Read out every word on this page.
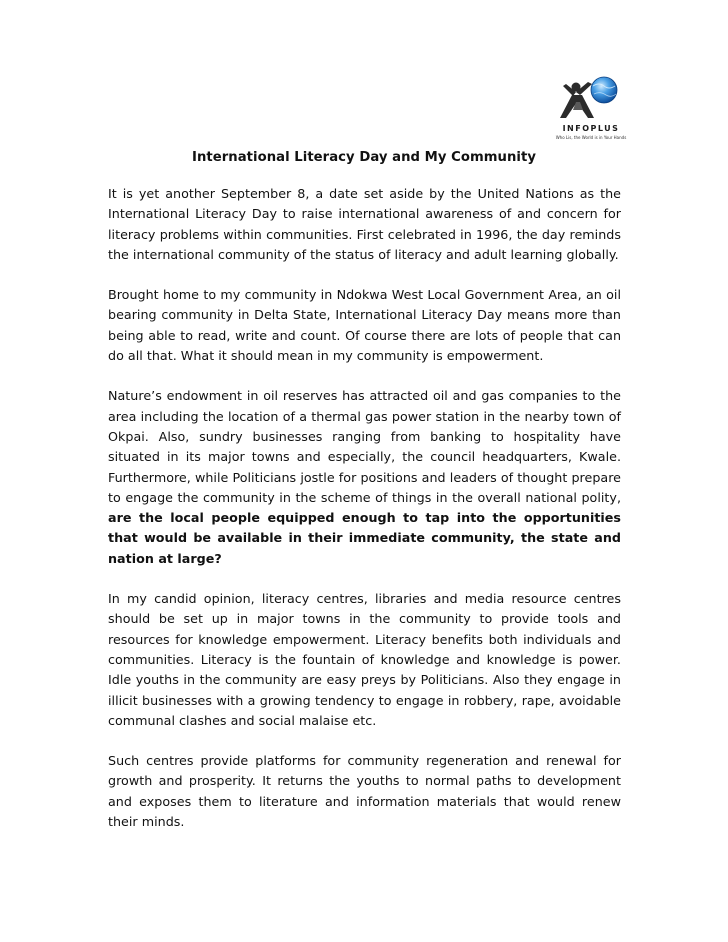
INFOPLUS
Who Lis, the World is in Your Hands
International Literacy Day and My Community

It is yet another September 8, a date set aside by the United Nations as the International Literacy Day to raise international awareness of and concern for literacy problems within communities. First celebrated in 1996, the day reminds the international community of the status of literacy and adult learning globally.

Brought home to my community in Ndokwa West Local Government Area, an oil bearing community in Delta State, International Literacy Day means more than being able to read, write and count. Of course there are lots of people that can do all that. What it should mean in my community is empowerment.

Nature’s endowment in oil reserves has attracted oil and gas companies to the area including the location of a thermal gas power station in the nearby town of Okpai. Also, sundry businesses ranging from banking to hospitality have situated in its major towns and especially, the council headquarters, Kwale. Furthermore, while Politicians jostle for positions and leaders of thought prepare to engage the community in the scheme of things in the overall national polity, are the local people equipped enough to tap into the opportunities that would be available in their immediate community, the state and nation at large?

In my candid opinion, literacy centres, libraries and media resource centres should be set up in major towns in the community to provide tools and resources for knowledge empowerment. Literacy benefits both individuals and communities. Literacy is the fountain of knowledge and knowledge is power. Idle youths in the community are easy preys by Politicians. Also they engage in illicit businesses with a growing tendency to engage in robbery, rape, avoidable communal clashes and social malaise etc.

Such centres provide platforms for community regeneration and renewal for growth and prosperity. It returns the youths to normal paths to development and exposes them to literature and information materials that would renew their minds.
